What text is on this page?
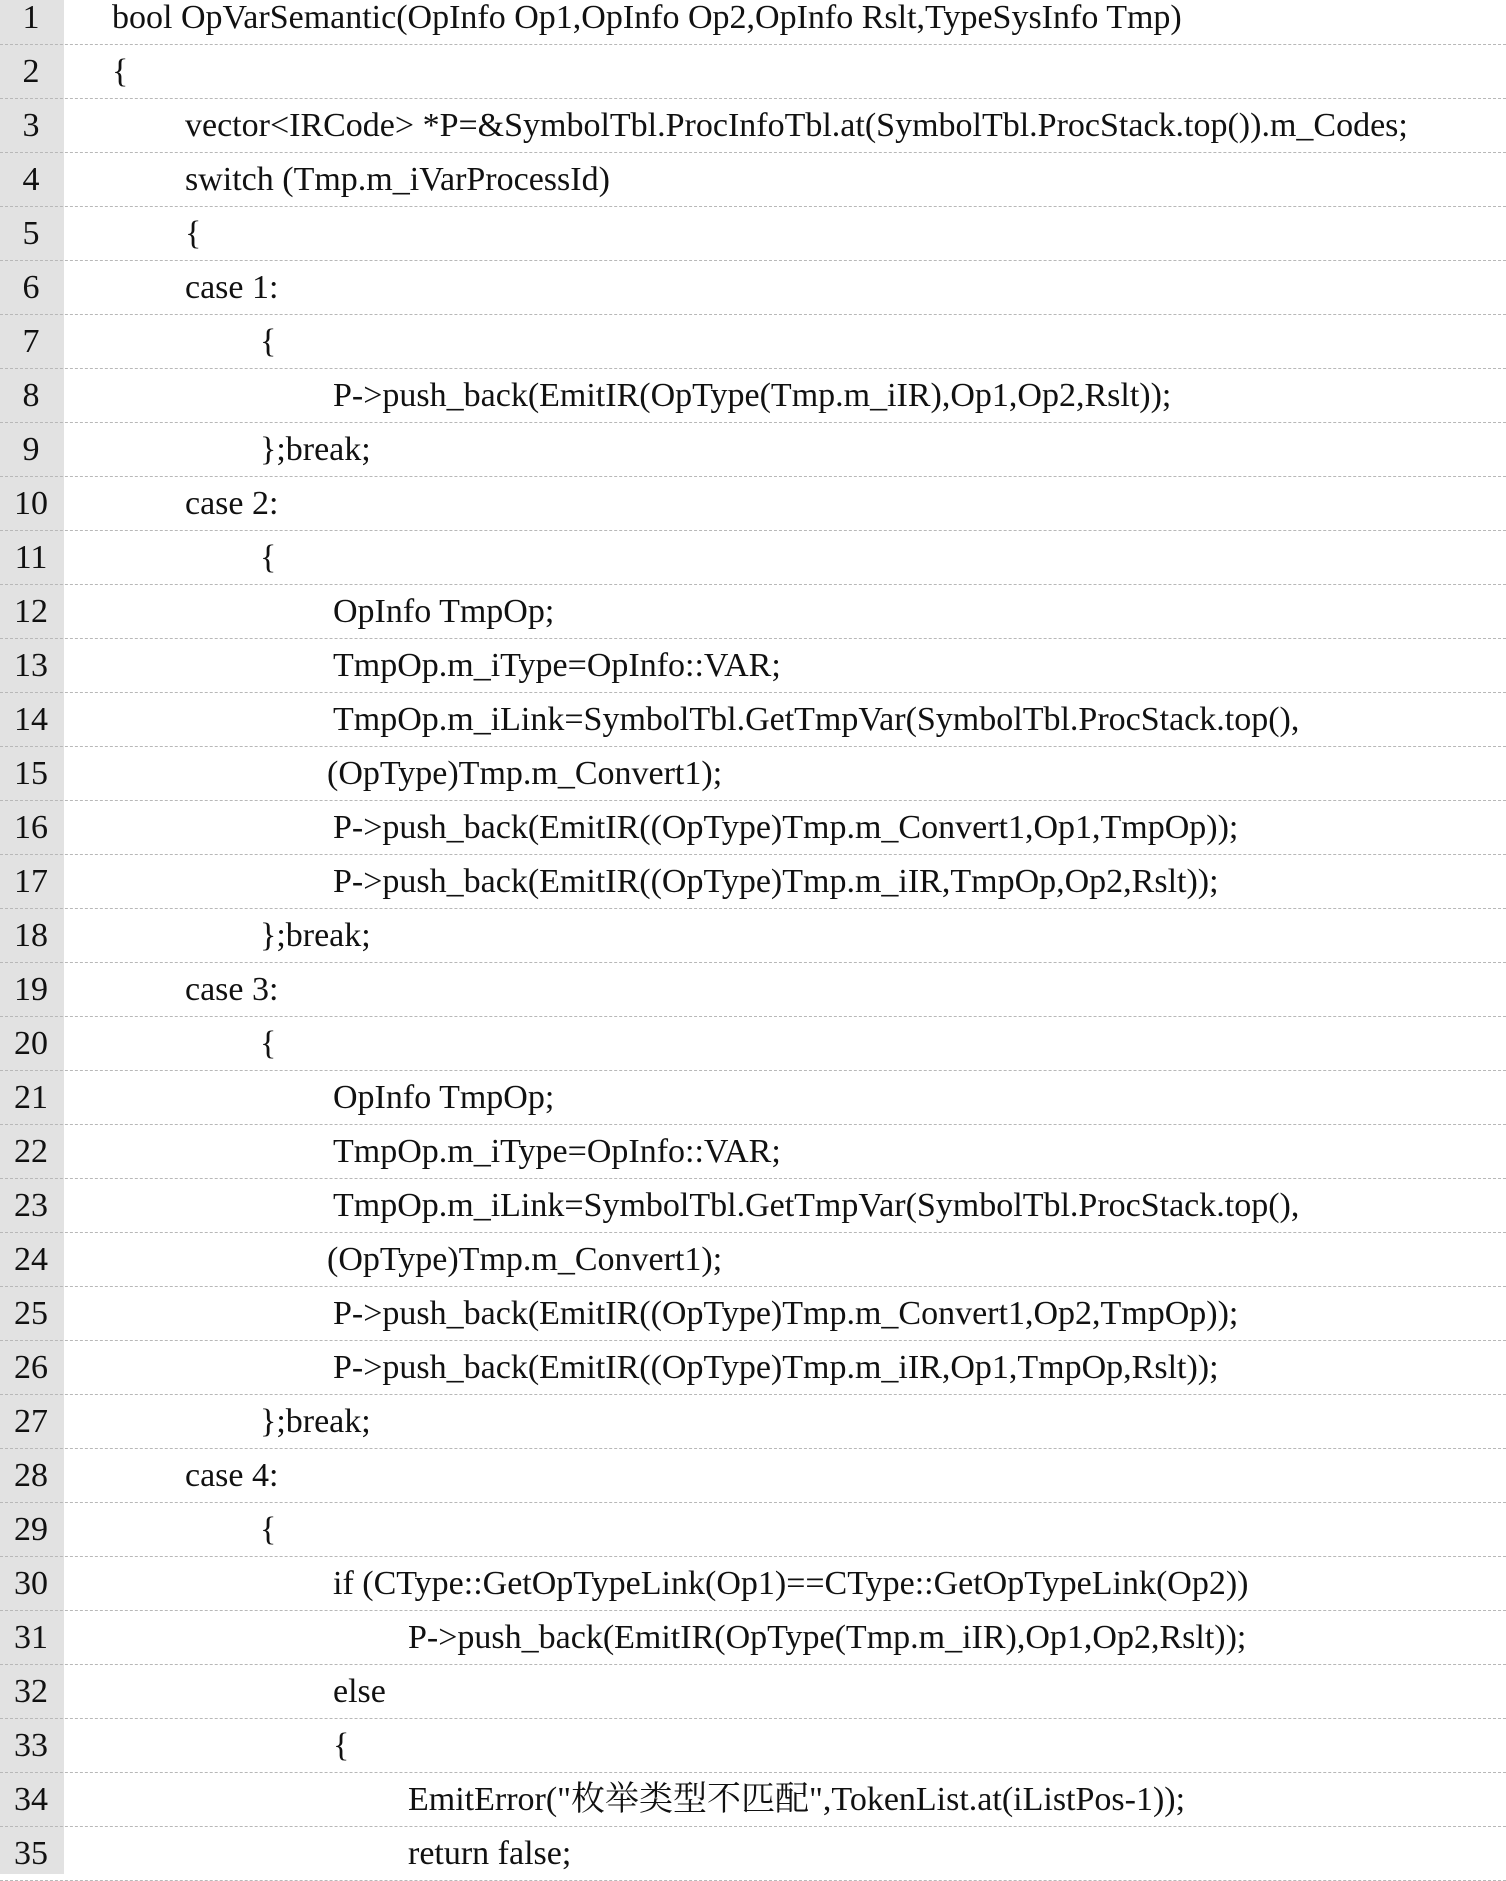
1	bool OpVarSemantic(OpInfo Op1,OpInfo Op2,OpInfo Rslt,TypeSysInfo Tmp)
2	{
3	vector<IRCode> *P=&SymbolTbl.ProcInfoTbl.at(SymbolTbl.ProcStack.top()).m_Codes;
4	switch (Tmp.m_iVarProcessId)
5	{
6	case 1:
7	{
8	P->push_back(EmitIR(OpType(Tmp.m_iIR),Op1,Op2,Rslt));
9	};break;
10	case 2:
11	{
12	OpInfo TmpOp;
13	TmpOp.m_iType=OpInfo::VAR;
14	TmpOp.m_iLink=SymbolTbl.GetTmpVar(SymbolTbl.ProcStack.top(),
15	(OpType)Tmp.m_Convert1);
16	P->push_back(EmitIR((OpType)Tmp.m_Convert1,Op1,TmpOp));
17	P->push_back(EmitIR((OpType)Tmp.m_iIR,TmpOp,Op2,Rslt));
18	};break;
19	case 3:
20	{
21	OpInfo TmpOp;
22	TmpOp.m_iType=OpInfo::VAR;
23	TmpOp.m_iLink=SymbolTbl.GetTmpVar(SymbolTbl.ProcStack.top(),
24	(OpType)Tmp.m_Convert1);
25	P->push_back(EmitIR((OpType)Tmp.m_Convert1,Op2,TmpOp));
26	P->push_back(EmitIR((OpType)Tmp.m_iIR,Op1,TmpOp,Rslt));
27	};break;
28	case 4:
29	{
30	if (CType::GetOpTypeLink(Op1)==CType::GetOpTypeLink(Op2))
31	P->push_back(EmitIR(OpType(Tmp.m_iIR),Op1,Op2,Rslt));
32	else
33	{
34	EmitError("枚举类型不匹配",TokenList.at(iListPos-1));
35	return false;
